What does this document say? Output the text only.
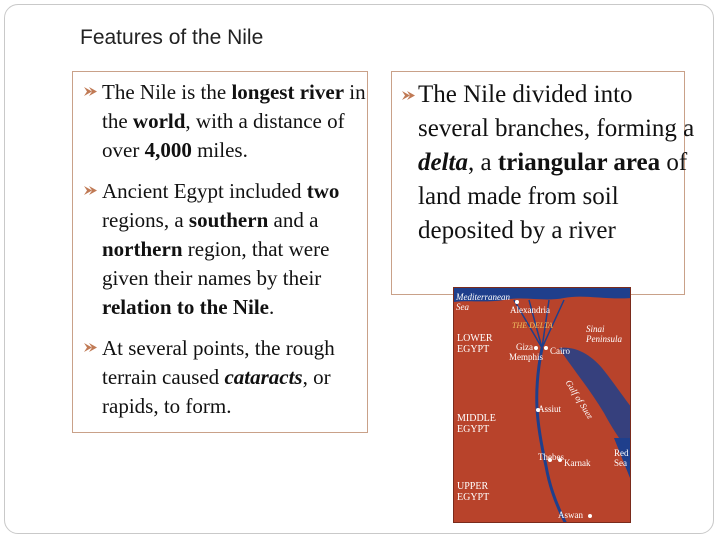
Features of the Nile
The Nile is the longest river in the world, with a distance of over 4,000 miles.
Ancient Egypt included two regions, a southern and a northern region, that were given their names by their relation to the Nile.
At several points, the rough terrain caused cataracts, or rapids, to form.
The Nile divided into several branches, forming a delta, a triangular area of land made from soil deposited by a river
Mediterranean Sea	Alexandria
THE DELTA
LOWER EGYPT	Giza
Memphis
Cairo
Sinai Peninsula
Gulf of Suez
MIDDLE EGYPT
Assiut
Thebes
Karnak
Red Sea
UPPER EGYPT
Aswan
